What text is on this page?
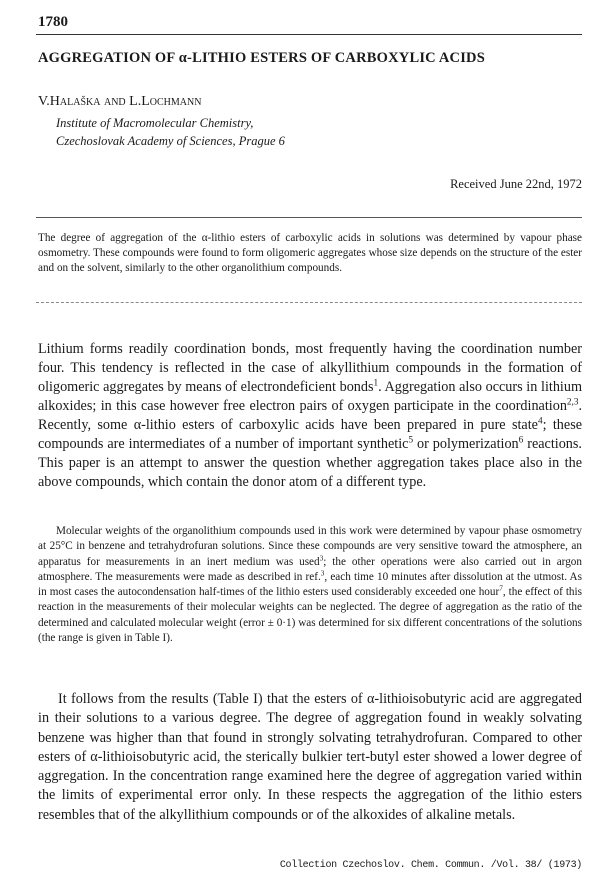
1780
AGGREGATION OF α-LITHIO ESTERS OF CARBOXYLIC ACIDS
V.Halaška and L.Lochmann
Institute of Macromolecular Chemistry,
Czechoslovak Academy of Sciences, Prague 6
Received June 22nd, 1972
The degree of aggregation of the α-lithio esters of carboxylic acids in solutions was determined by vapour phase osmometry. These compounds were found to form oligomeric aggregates whose size depends on the structure of the ester and on the solvent, similarly to the other organolithium compounds.
Lithium forms readily coordination bonds, most frequently having the coordination number four. This tendency is reflected in the case of alkyllithium compounds in the formation of oligomeric aggregates by means of electrondeficient bonds$^1$. Aggregation also occurs in lithium alkoxides; in this case however free electron pairs of oxygen participate in the coordination$^{2,3}$. Recently, some α-lithio esters of carboxylic acids have been prepared in pure state$^4$; these compounds are intermediates of a number of important synthetic$^5$ or polymerization$^6$ reactions. This paper is an attempt to answer the question whether aggregation takes place also in the above compounds, which contain the donor atom of a different type.
Molecular weights of the organolithium compounds used in this work were determined by vapour phase osmometry at 25°C in benzene and tetrahydrofuran solutions. Since these compounds are very sensitive toward the atmosphere, an apparatus for measurements in an inert medium was used$^3$; the other operations were also carried out in argon atmosphere. The measurements were made as described in ref.$^3$, each time 10 minutes after dissolution at the utmost. As in most cases the autocondensation half-times of the lithio esters used considerably exceeded one hour$^7$, the effect of this reaction in the measurements of their molecular weights can be neglected. The degree of aggregation as the ratio of the determined and calculated molecular weight (error ± 0·1) was determined for six different concentrations of the solutions (the range is given in Table I).
It follows from the results (Table I) that the esters of α-lithioisobutyric acid are aggregated in their solutions to a various degree. The degree of aggregation found in weakly solvating benzene was higher than that found in strongly solvating tetrahydrofuran. Compared to other esters of α-lithioisobutyric acid, the sterically bulkier tert-butyl ester showed a lower degree of aggregation. In the concentration range examined here the degree of aggregation varied within the limits of experimental error only. In these respects the aggregation of the lithio esters resembles that of the alkyllithium compounds or of the alkoxides of alkaline metals.
Collection Czechoslov. Chem. Commun. /Vol. 38/ (1973)
